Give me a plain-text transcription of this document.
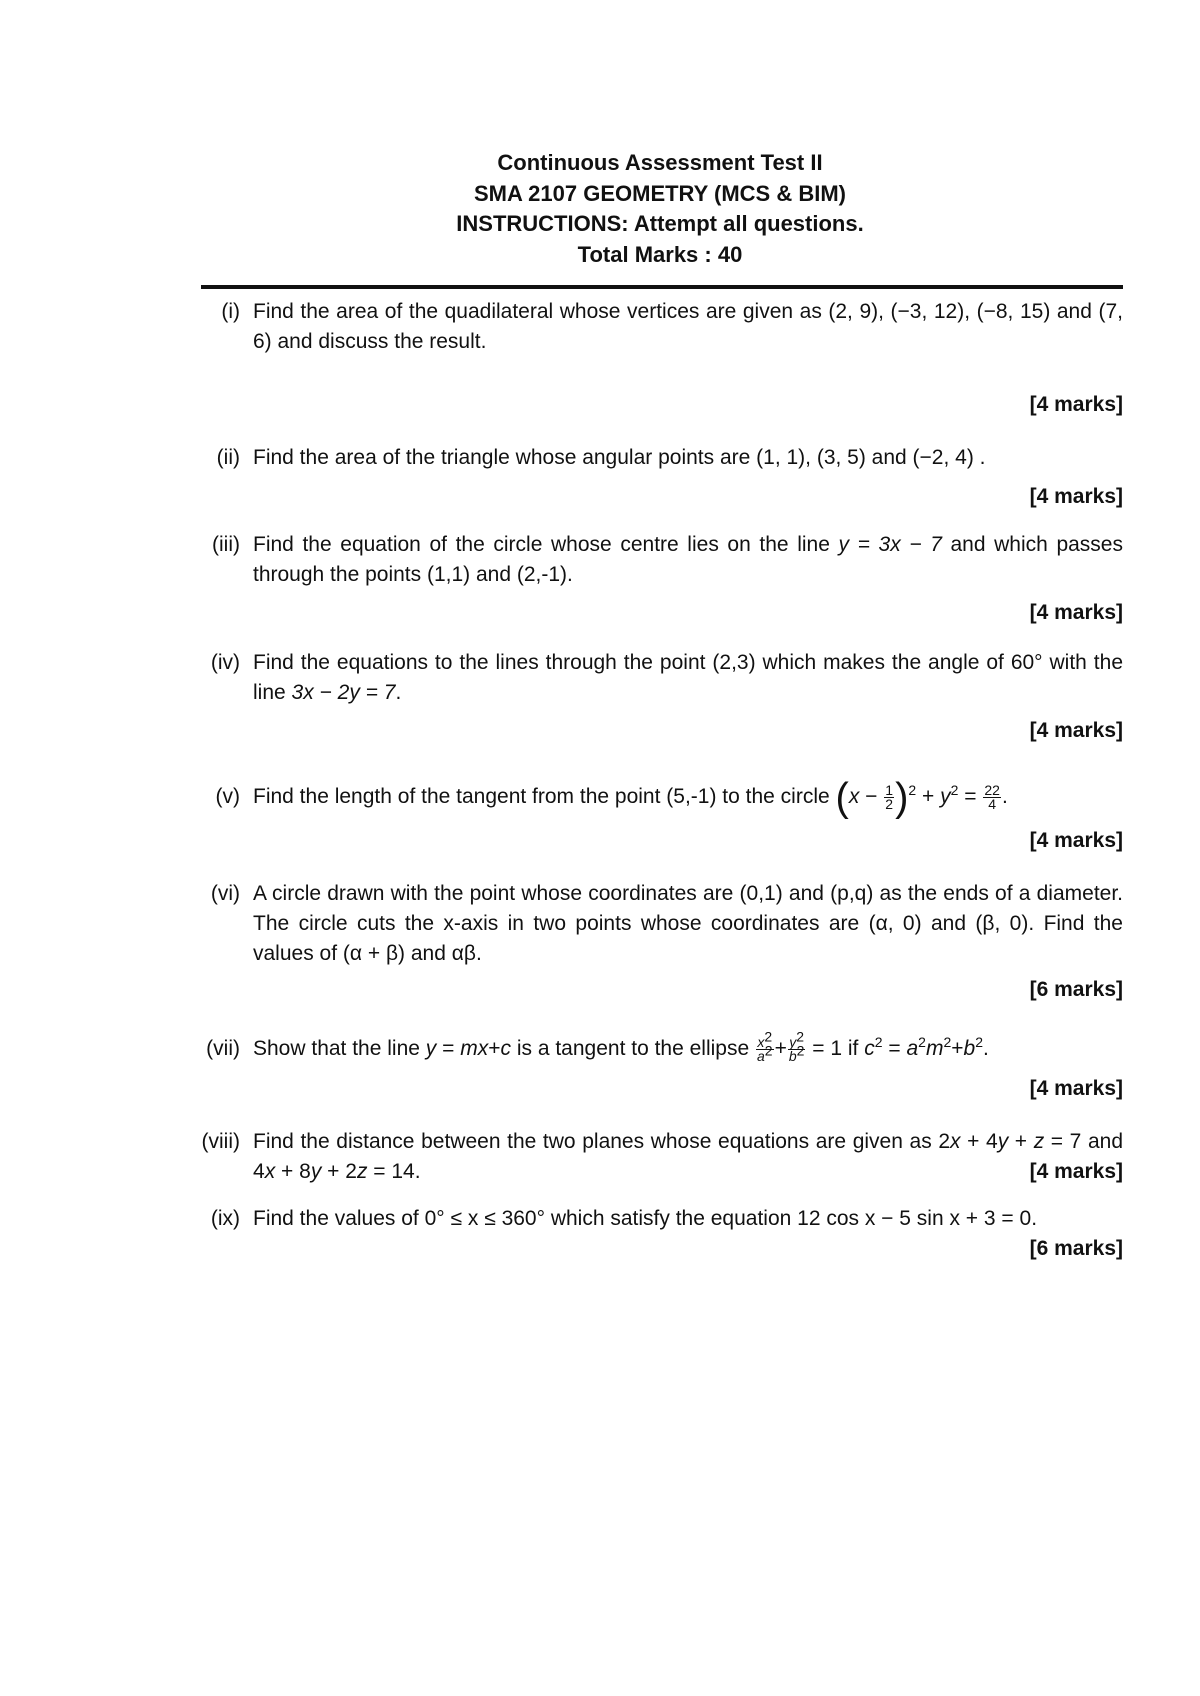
Continuous Assessment Test II
SMA 2107 GEOMETRY (MCS & BIM)
INSTRUCTIONS: Attempt all questions.
Total Marks : 40
(i) Find the area of the quadilateral whose vertices are given as (2, 9), (−3, 12), (−8, 15) and (7, 6) and discuss the result.
[4 marks]
(ii) Find the area of the triangle whose angular points are (1, 1), (3, 5) and (−2, 4) .
[4 marks]
(iii) Find the equation of the circle whose centre lies on the line y = 3x − 7 and which passes through the points (1,1) and (2,-1).
[4 marks]
(iv) Find the equations to the lines through the point (2,3) which makes the angle of 60° with the line 3x − 2y = 7.
[4 marks]
(v) Find the length of the tangent from the point (5,-1) to the circle $(x - \frac{1}{2} )^2 + y^2 = \frac{22}{4}$ .
[4 marks]
(vi) A circle drawn with the point whose coordinates are (0,1) and (p,q) as the ends of a diameter. The circle cuts the x-axis in two points whose coordinates are (α, 0) and (β, 0). Find the values of (α + β) and αβ.
[6 marks]
(vii) Show that the line y = mx+c is a tangent to the ellipse $\frac{x^2}{a^2} + \frac{y^2}{b^2} = 1$ if $c^2 = a^2m^2+b^2$.
[4 marks]
(viii) Find the distance between the two planes whose equations are given as 2x + 4y + z = 7 and 4x + 8y + 2z = 14.	[4 marks]
(ix) Find the values of 0° ≤ x ≤ 360° which satisfy the equation 12 cos x − 5 sin x + 3 = 0.
[6 marks]
